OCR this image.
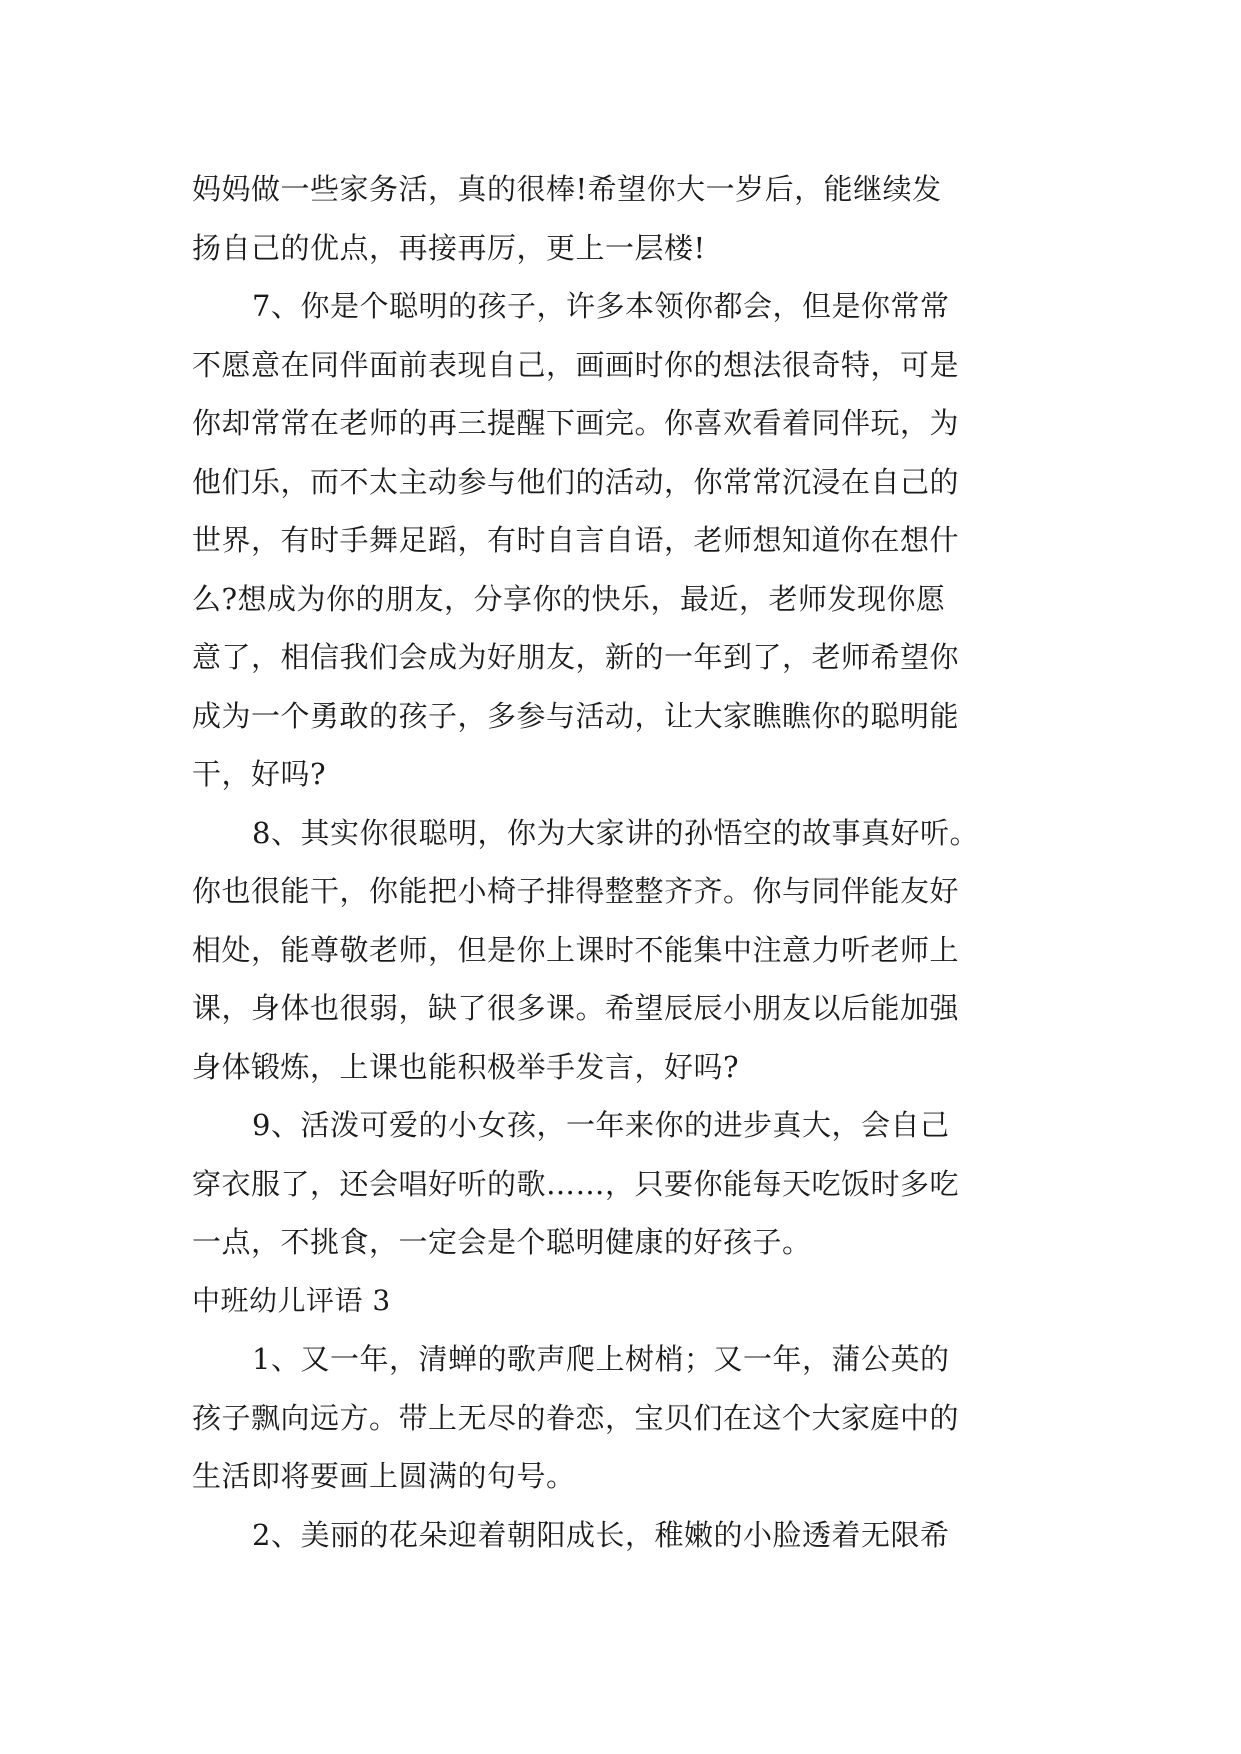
妈妈做一些家务活，真的很棒!希望你大一岁后，能继续发
扬自己的优点，再接再厉，更上一层楼!
7、你是个聪明的孩子，许多本领你都会，但是你常常
不愿意在同伴面前表现自己，画画时你的想法很奇特，可是
你却常常在老师的再三提醒下画完。你喜欢看着同伴玩，为
他们乐，而不太主动参与他们的活动，你常常沉浸在自己的
世界，有时手舞足蹈，有时自言自语，老师想知道你在想什
么?想成为你的朋友，分享你的快乐，最近，老师发现你愿
意了，相信我们会成为好朋友，新的一年到了，老师希望你
成为一个勇敢的孩子，多参与活动，让大家瞧瞧你的聪明能
干，好吗?
8、其实你很聪明，你为大家讲的孙悟空的故事真好听。
你也很能干，你能把小椅子排得整整齐齐。你与同伴能友好
相处，能尊敬老师，但是你上课时不能集中注意力听老师上
课，身体也很弱，缺了很多课。希望辰辰小朋友以后能加强
身体锻炼，上课也能积极举手发言，好吗?
9、活泼可爱的小女孩，一年来你的进步真大，会自己
穿衣服了，还会唱好听的歌……，只要你能每天吃饭时多吃
一点，不挑食，一定会是个聪明健康的好孩子。
中班幼儿评语 3
1、又一年，清蝉的歌声爬上树梢；又一年，蒲公英的
孩子飘向远方。带上无尽的眷恋，宝贝们在这个大家庭中的
生活即将要画上圆满的句号。
2、美丽的花朵迎着朝阳成长，稚嫩的小脸透着无限希
